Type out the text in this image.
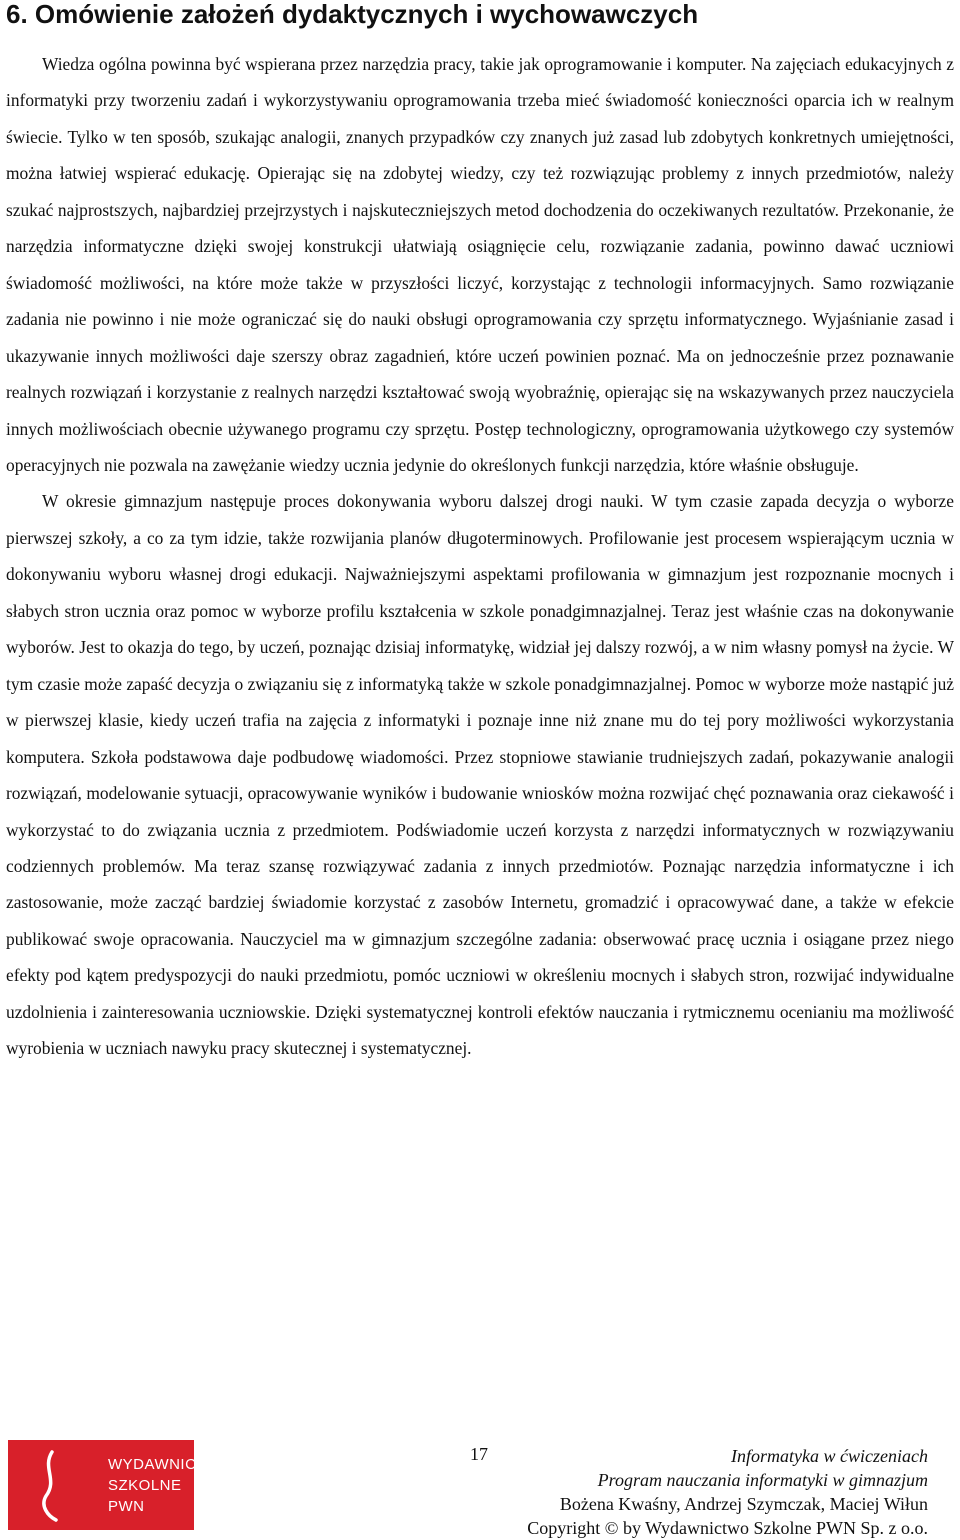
6. Omówienie założeń dydaktycznych i wychowawczych

Wiedza ogólna powinna być wspierana przez narzędzia pracy, takie jak oprogramowanie i komputer. Na zajęciach edukacyjnych z informatyki przy tworzeniu zadań i wykorzystywaniu oprogramowania trzeba mieć świadomość konieczności oparcia ich w realnym świecie. Tylko w ten sposób, szukając analogii, znanych przypadków czy znanych już zasad lub zdobytych konkretnych umiejętności, można łatwiej wspierać edukację. Opierając się na zdobytej wiedzy, czy też rozwiązując problemy z innych przedmiotów, należy szukać najprostszych, najbardziej przejrzystych i najskuteczniejszych metod dochodzenia do oczekiwanych rezultatów. Przekonanie, że narzędzia informatyczne dzięki swojej konstrukcji ułatwiają osiągnięcie celu, rozwiązanie zadania, powinno dawać uczniowi świadomość możliwości, na które może także w przyszłości liczyć, korzystając z technologii informacyjnych. Samo rozwiązanie zadania nie powinno i nie może ograniczać się do nauki obsługi oprogramowania czy sprzętu informatycznego. Wyjaśnianie zasad i ukazywanie innych możliwości daje szerszy obraz zagadnień, które uczeń powinien poznać. Ma on jednocześnie przez poznawanie realnych rozwiązań i korzystanie z realnych narzędzi kształtować swoją wyobraźnię, opierając się na wskazywanych przez nauczyciela innych możliwościach obecnie używanego programu czy sprzętu. Postęp technologiczny, oprogramowania użytkowego czy systemów operacyjnych nie pozwala na zawężanie wiedzy ucznia jedynie do określonych funkcji narzędzia, które właśnie obsługuje.

W okresie gimnazjum następuje proces dokonywania wyboru dalszej drogi nauki. W tym czasie zapada decyzja o wyborze pierwszej szkoły, a co za tym idzie, także rozwijania planów długoterminowych. Profilowanie jest procesem wspierającym ucznia w dokonywaniu wyboru własnej drogi edukacji. Najważniejszymi aspektami profilowania w gimnazjum jest rozpoznanie mocnych i słabych stron ucznia oraz pomoc w wyborze profilu kształcenia w szkole ponadgimnazjalnej. Teraz jest właśnie czas na dokonywanie wyborów. Jest to okazja do tego, by uczeń, poznając dzisiaj informatykę, widział jej dalszy rozwój, a w nim własny pomysł na życie. W tym czasie może zapaść decyzja o związaniu się z informatyką także w szkole ponadgimnazjalnej. Pomoc w wyborze może nastąpić już w pierwszej klasie, kiedy uczeń trafia na zajęcia z informatyki i poznaje inne niż znane mu do tej pory możliwości wykorzystania komputera. Szkoła podstawowa daje podbudowę wiadomości. Przez stopniowe stawianie trudniejszych zadań, pokazywanie analogii rozwiązań, modelowanie sytuacji, opracowywanie wyników i budowanie wniosków można rozwijać chęć poznawania oraz ciekawość i wykorzystać to do związania ucznia z przedmiotem. Podświadomie uczeń korzysta z narzędzi informatycznych w rozwiązywaniu codziennych problemów. Ma teraz szansę rozwiązywać zadania z innych przedmiotów. Poznając narzędzia informatyczne i ich zastosowanie, może zacząć bardziej świadomie korzystać z zasobów Internetu, gromadzić i opracowywać dane, a także w efekcie publikować swoje opracowania. Nauczyciel ma w gimnazjum szczególne zadania: obserwować pracę ucznia i osiągane przez niego efekty pod kątem predyspozycji do nauki przedmiotu, pomóc uczniowi w określeniu mocnych i słabych stron, rozwijać indywidualne uzdolnienia i zainteresowania uczniowskie. Dzięki systematycznej kontroli efektów nauczania i rytmicznemu ocenianiu ma możliwość wyrobienia w uczniach nawyku pracy skutecznej i systematycznej.

WYDAWNICTWO
SZKOLNE
PWN
17	Informatyka w ćwiczeniach
Program nauczania informatyki w gimnazjum
Bożena Kwaśny, Andrzej Szymczak, Maciej Wiłun
Copyright © by Wydawnictwo Szkolne PWN Sp. z o.o.
